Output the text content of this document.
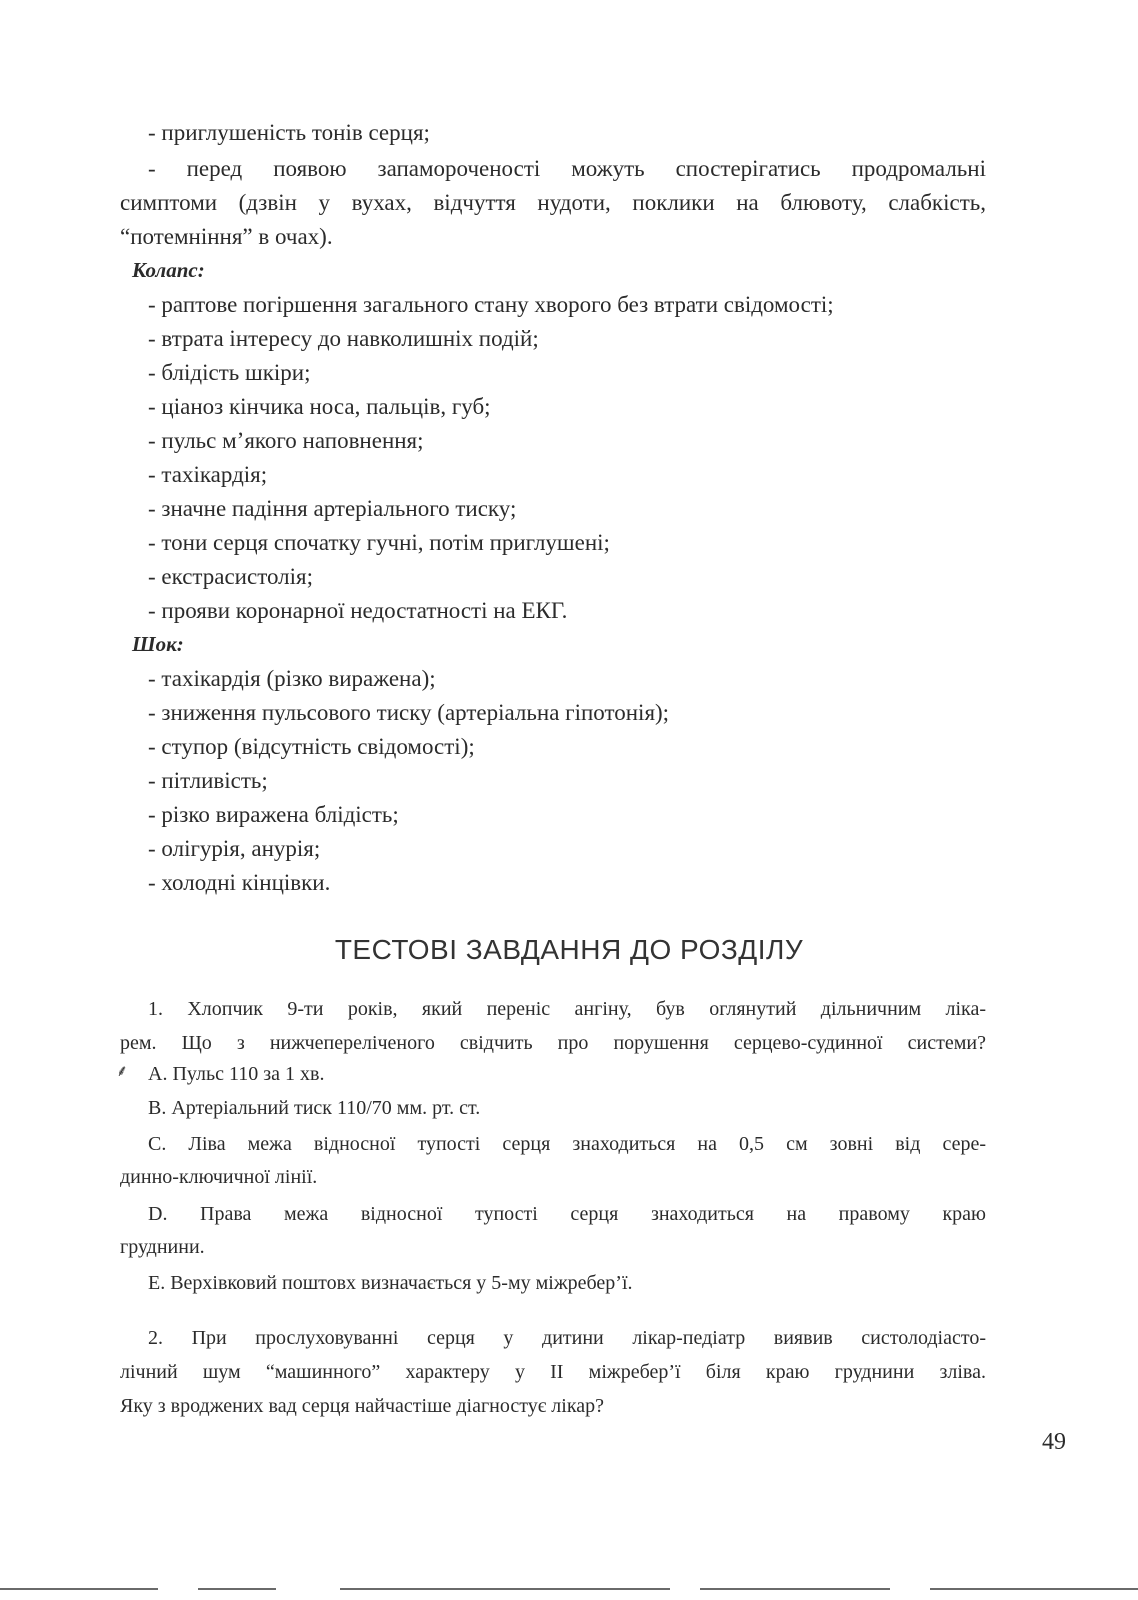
- приглушеність тонів серця;
- перед появою запамороченості можуть спостерігатись продромальні
симптоми (дзвін у вухах, відчуття нудоти, поклики на блювоту, слабкість,
“потемніння” в очах).
Колапс:
- раптове погіршення загального стану хворого без втрати свідомості;
- втрата інтересу до навколишніх подій;
- блідість шкіри;
- ціаноз кінчика носа, пальців, губ;
- пульс м’якого наповнення;
- тахікардія;
- значне падіння артеріального тиску;
- тони серця спочатку гучні, потім приглушені;
- екстрасистолія;
- прояви коронарної недостатності на ЕКГ.
Шок:
- тахікардія (різко виражена);
- зниження пульсового тиску (артеріальна гіпотонія);
- ступор (відсутність свідомості);
- пітливість;
- різко виражена блідість;
- олігурія, анурія;
- холодні кінцівки.
ТЕСТОВІ ЗАВДАННЯ ДО РОЗДІЛУ
1. Хлопчик 9-ти років, який переніс ангіну, був оглянутий дільничним ліка-
рем. Що з нижчепереліченого свідчить про порушення серцево-судинної системи?
⸙ А. Пульс 110 за 1 хв.
В. Артеріальний тиск 110/70 мм. рт. ст.
С. Ліва межа відносної тупості серця знаходиться на 0,5 см зовні від сере-
динно-ключичної лінії.
D. Права межа відносної тупості серця знаходиться на правому краю
груднини.
Е. Верхівковий поштовх визначається у 5-му міжребер’ї.
2. При прослуховуванні серця у дитини лікар-педіатр виявив систолодіасто-
лічний шум “машинного” характеру у ІІ міжребер’ї біля краю груднини зліва.
Яку з вроджених вад серця найчастіше діагностує лікар?
49
